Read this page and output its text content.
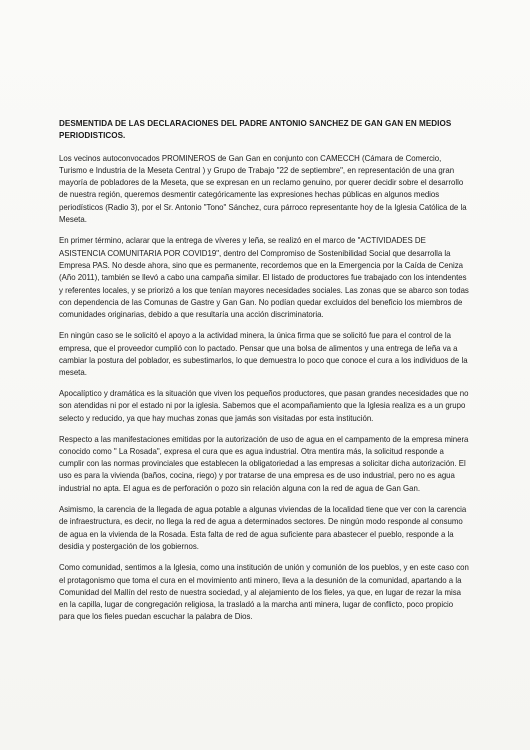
DESMENTIDA DE LAS DECLARACIONES DEL PADRE ANTONIO SANCHEZ DE GAN GAN EN MEDIOS PERIODISTICOS.

Los vecinos autoconvocados PROMINEROS de Gan Gan en conjunto con CAMECCH (Cámara de Comercio, Turismo e Industria de la Meseta Central ) y Grupo de Trabajo "22 de septiembre", en representación de una gran mayoría de pobladores de la Meseta, que se expresan en un reclamo genuino, por querer decidir sobre el desarrollo de nuestra región, queremos desmentir categóricamente las expresiones hechas públicas en algunos medios periodísticos (Radio 3), por el Sr. Antonio "Tono" Sánchez, cura párroco representante hoy de la Iglesia Católica de la Meseta.

En primer término, aclarar que la entrega de víveres y leña, se realizó en el marco de "ACTIVIDADES DE ASISTENCIA COMUNITARIA POR COVID19", dentro del Compromiso de Sostenibilidad Social que desarrolla la Empresa PAS. No desde ahora, sino que es permanente, recordemos que en la Emergencia por la Caída de Ceniza (Año 2011), también se llevó a cabo una campaña similar. El listado de productores fue trabajado con los intendentes y referentes locales, y se priorizó a los que tenían mayores necesidades sociales. Las zonas que se abarco son todas con dependencia de las Comunas de Gastre y Gan Gan. No podían quedar excluidos del beneficio los miembros de comunidades originarias, debido a que resultaría una acción discriminatoria.

En ningún caso se le solicitó el apoyo a la actividad minera, la única firma que se solicitó fue para el control de la empresa, que el proveedor cumplió con lo pactado. Pensar que una bolsa de alimentos y una entrega de leña va a cambiar la postura del poblador, es subestimarlos, lo que demuestra lo poco que conoce el cura a los individuos de la meseta.

Apocalíptico y dramática es la situación que viven los pequeños productores, que pasan grandes necesidades que no son atendidas ni por el estado ni por la iglesia. Sabemos que el acompañamiento que la Iglesia realiza es a un grupo selecto y reducido, ya que hay muchas zonas que jamás son visitadas por esta institución.

Respecto a las manifestaciones emitidas por la autorización de uso de agua en el campamento de la empresa minera conocido como " La Rosada", expresa el cura que es agua industrial. Otra mentira más, la solicitud responde a cumplir con las normas provinciales que establecen la obligatoriedad a las empresas a solicitar dicha autorización. El uso es para la vivienda (baños, cocina, riego) y por tratarse de una empresa es de uso industrial, pero no es agua industrial no apta. El agua es de perforación o pozo sin relación alguna con la red de agua de Gan Gan.

Asimismo, la carencia de la llegada de agua potable a algunas viviendas de la localidad tiene que ver con la carencia de infraestructura, es decir, no llega la red de agua a determinados sectores. De ningún modo responde al consumo de agua en la vivienda de la Rosada. Esta falta de red de agua suficiente para abastecer el pueblo, responde a la desidia y postergación de los gobiernos.

Como comunidad, sentimos a la Iglesia, como una institución de unión y comunión de los pueblos, y en este caso con el protagonismo que toma el cura en el movimiento anti minero, lleva a la desunión de la comunidad, apartando a la Comunidad del Mallín del resto de nuestra sociedad, y al alejamiento de los fieles, ya que, en lugar de rezar la misa en la capilla, lugar de congregación religiosa, la trasladó a la marcha anti minera, lugar de conflicto, poco propicio para que los fieles puedan escuchar la palabra de Dios.
